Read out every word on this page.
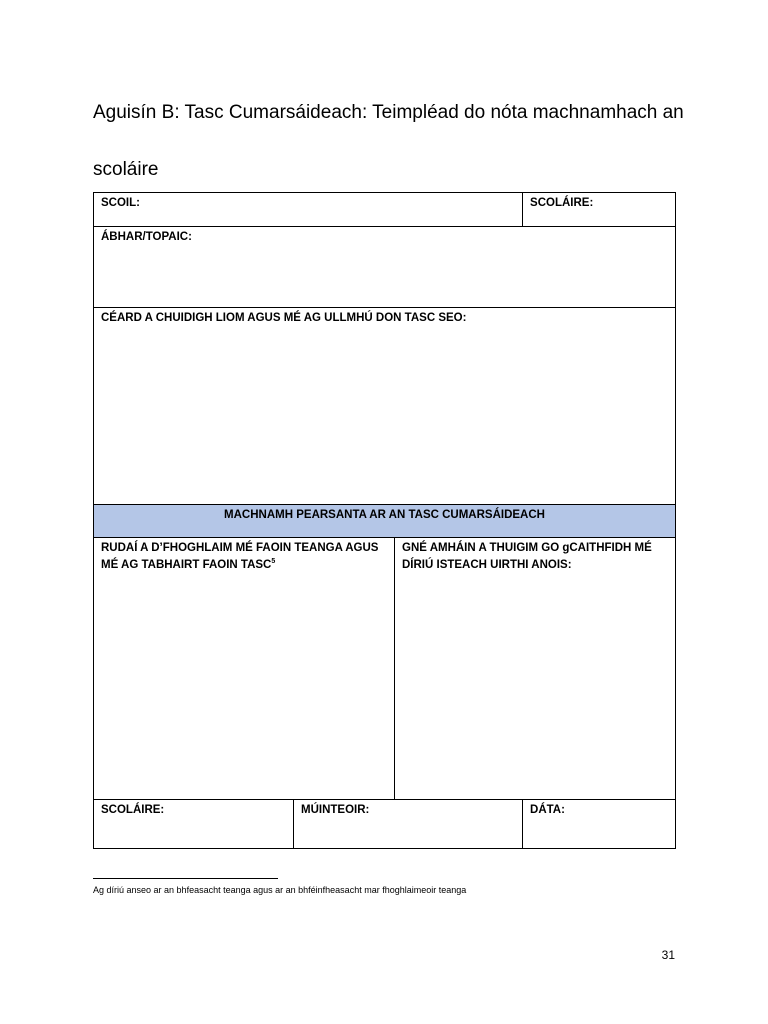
Aguisín B: Tasc Cumarsáideach: Teimpléad do nóta machnamhach an scoláire
SCOIL:			SCOLÁIRE:
ÁBHAR/TOPAIC:			
CÉARD A CHUIDIGH LIOM AGUS MÉ AG ULLMHÚ DON TASC SEO:			
MACHNAMH PEARSANTA AR AN TASC CUMARSÁIDEACH			
RUDAÍ A D’FHOGHLAIM MÉ FAOIN TEANGA AGUS MÉ AG TABHAIRT FAOIN TASC$^5$		GNÉ AMHÁIN A THUIGIM GO gCAITHFIDH MÉ DÍRIÚ ISTEACH UIRTHI ANOIS:	
SCOLÁIRE:	MÚINTEOIR:		DÁTA:
Ag díriú anseo ar an bhfeasacht teanga agus ar an bhféinfheasacht mar fhoghlaimeoir teanga
31
